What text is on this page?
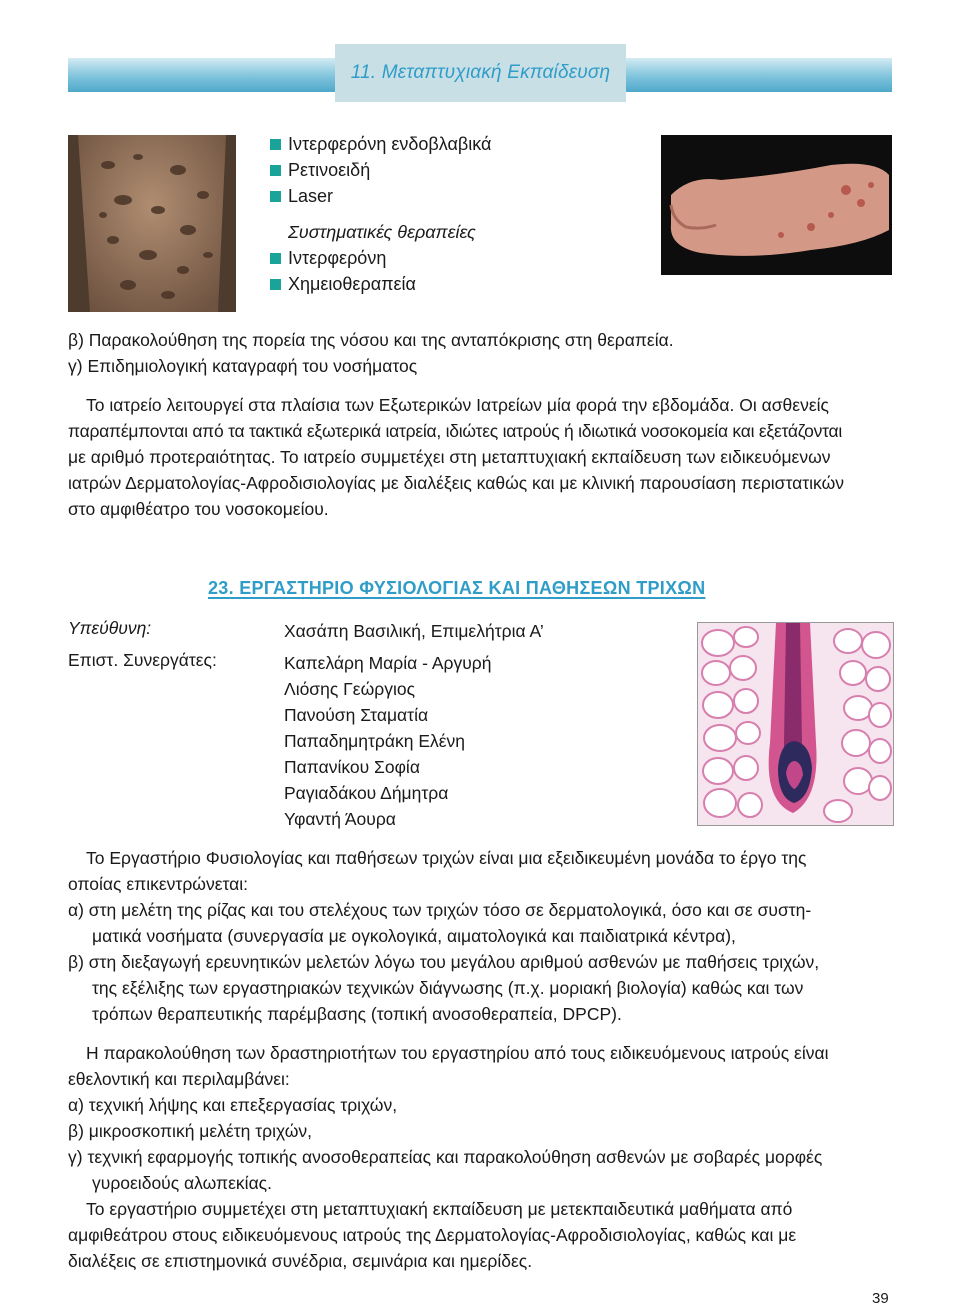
11. Μεταπτυχιακή Εκπαίδευση
Ιντερφερόνη ενδοβλαβικά
Ρετινοειδή
Laser
Συστηματικές θεραπείες
Ιντερφερόνη
Χημειοθεραπεία
β) Παρακολούθηση της πορεία της νόσου και της ανταπόκρισης στη θεραπεία.
γ) Επιδημιολογική καταγραφή του νοσήματος
Το ιατρείο λειτουργεί στα πλαίσια των Εξωτερικών Ιατρείων μία φορά την εβδομάδα. Οι ασθενείς
παραπέμπονται από τα τακτικά εξωτερικά ιατρεία, ιδιώτες ιατρούς ή ιδιωτικά νοσοκομεία και εξετάζονται
με αριθμό προτεραιότητας. Το ιατρείο συμμετέχει στη μεταπτυχιακή εκπαίδευση των ειδικευόμενων
ιατρών Δερματολογίας-Αφροδισιολογίας με διαλέξεις καθώς και με κλινική παρουσίαση περιστατικών
στο αμφιθέατρο του νοσοκομείου.
23. ΕΡΓΑΣΤΗΡΙΟ ΦΥΣΙΟΛΟΓΙΑΣ ΚΑΙ ΠΑΘΗΣΕΩΝ ΤΡΙΧΩΝ
Υπεύθυνη:	Χασάπη Βασιλική, Επιμελήτρια Α’
Επιστ. Συνεργάτες:	Καπελάρη Μαρία - Αργυρή
Λιόσης Γεώργιος
Πανούση Σταματία
Παπαδημητράκη Ελένη
Παπανίκου Σοφία
Ραγιαδάκου Δήμητρα
Υφαντή Άουρα
Το Εργαστήριο Φυσιολογίας και παθήσεων τριχών είναι μια εξειδικευμένη μονάδα το έργο της
οποίας επικεντρώνεται:
α) στη μελέτη της ρίζας και του στελέχους των τριχών τόσο σε δερματολογικά, όσο και σε συστη-
ματικά νοσήματα (συνεργασία με ογκολογικά, αιματολογικά και παιδιατρικά κέντρα),
β) στη διεξαγωγή ερευνητικών μελετών λόγω του μεγάλου αριθμού ασθενών με παθήσεις τριχών,
της εξέλιξης των εργαστηριακών τεχνικών διάγνωσης (π.χ. μοριακή βιολογία) καθώς και των
τρόπων θεραπευτικής παρέμβασης (τοπική ανοσοθεραπεία, DPCP).
Η παρακολούθηση των δραστηριοτήτων του εργαστηρίου από τους ειδικευόμενους ιατρούς είναι
εθελοντική και περιλαμβάνει:
α) τεχνική λήψης και επεξεργασίας τριχών,
β) μικροσκοπική μελέτη τριχών,
γ) τεχνική εφαρμογής τοπικής ανοσοθεραπείας και παρακολούθηση ασθενών με σοβαρές μορφές
γυροειδούς αλωπεκίας.
Το εργαστήριο συμμετέχει στη μεταπτυχιακή εκπαίδευση με μετεκπαιδευτικά μαθήματα από
αμφιθεάτρου στους ειδικευόμενους ιατρούς της Δερματολογίας-Αφροδισιολογίας, καθώς και με
διαλέξεις σε επιστημονικά συνέδρια, σεμινάρια και ημερίδες.
39
